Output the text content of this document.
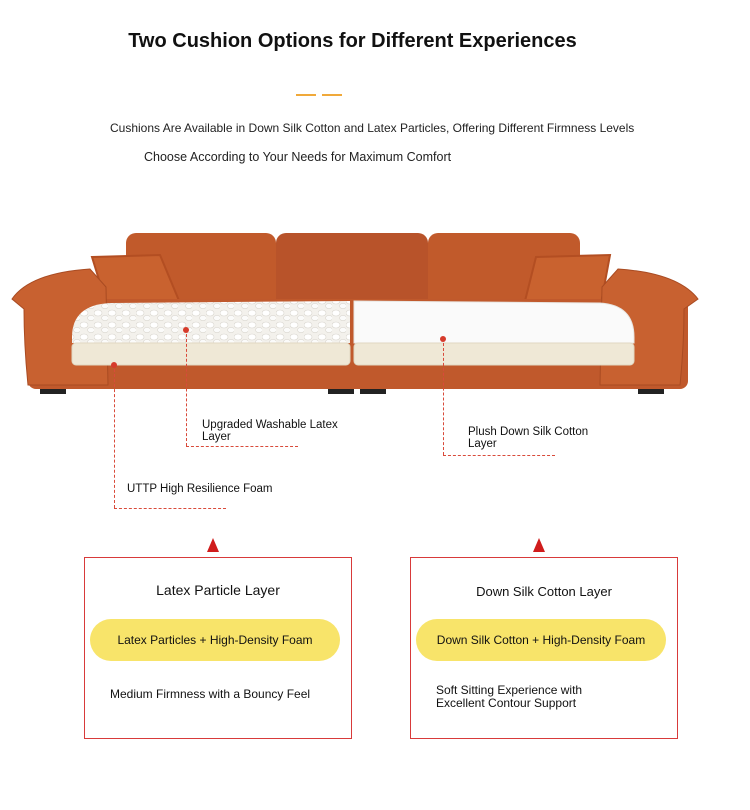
Two Cushion Options for Different Experiences
Cushions Are Available in Down Silk Cotton and Latex Particles, Offering Different Firmness Levels
Choose According to Your Needs for Maximum Comfort
Upgraded Washable Latex
Layer
UTTP High Resilience Foam
Plush Down Silk Cotton
Layer
Latex Particle Layer
Latex Particles + High-Density Foam
Medium Firmness with a Bouncy Feel
Down Silk Cotton Layer
Down Silk Cotton + High-Density Foam
Soft Sitting Experience with
Excellent Contour Support
